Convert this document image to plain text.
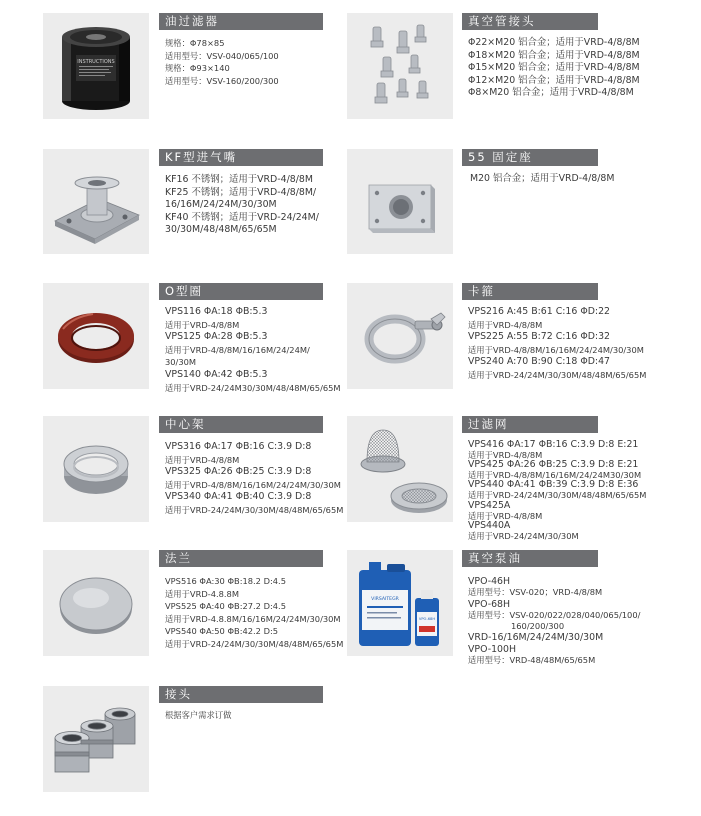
INSTRUCTIONS
油过滤器
规格：Φ78×85
适用型号：VSV-040/065/100
规格：Φ93×140
适用型号：VSV-160/200/300
真空管接头
Φ22×M20 铝合金；适用于VRD-4/8/8M
Φ18×M20 铝合金；适用于VRD-4/8/8M
Φ15×M20 铝合金；适用于VRD-4/8/8M
Φ12×M20 铝合金；适用于VRD-4/8/8M
Φ8×M20 铝合金；适用于VRD-4/8/8M
KF型进气嘴
KF16 不锈钢；适用于VRD-4/8/8M
KF25 不锈钢；适用于VRD-4/8/8M/
16/16M/24/24M/30/30M
KF40 不锈钢；适用于VRD-24/24M/
30/30M/48/48M/65/65M
55 固定座
M20 铝合金；适用于VRD-4/8/8M
O型圈
VPS116 ΦA:18 ΦB:5.3
适用于VRD-4/8/8M
VPS125 ΦA:28 ΦB:5.3
适用于VRD-4/8/8M/16/16M/24/24M/
30/30M
VPS140 ΦA:42 ΦB:5.3
适用于VRD-24/24M30/30M/48/48M/65/65M
卡箍
VPS216 A:45 B:61 C:16 ΦD:22
适用于VRD-4/8/8M
VPS225 A:55 B:72 C:16 ΦD:32
适用于VRD-4/8/8M/16/16M/24/24M/30/30M
VPS240 A:70 B:90 C:18 ΦD:47
适用于VRD-24/24M/30/30M/48/48M/65/65M
中心架
VPS316 ΦA:17 ΦB:16 C:3.9 D:8
适用于VRD-4/8/8M
VPS325 ΦA:26 ΦB:25 C:3.9 D:8
适用于VRD-4/8/8M/16/16M/24/24M/30/30M
VPS340 ΦA:41 ΦB:40 C:3.9 D:8
适用于VRD-24/24M/30/30M/48/48M/65/65M
过滤网
VPS416 ΦA:17 ΦB:16 C:3.9 D:8 E:21
适用于VRD-4/8/8M
VPS425 ΦA:26 ΦB:25 C:3.9 D:8 E:21
适用于VRD-4/8/8M/16/16M/24/24M30/30M
VPS440 ΦA:41 ΦB:39 C:3.9 D:8 E:36
适用于VRD-24/24M/30/30M/48/48M/65/65M
VPS425A
适用于VRD-4/8/8M
VPS440A
适用于VRD-24/24M/30/30M
法兰
VPS516 ΦA:30 ΦB:18.2 D:4.5
适用于VRD-4.8.8M
VPS525 ΦA:40 ΦB:27.2 D:4.5
适用于VRD-4.8.8M/16/16M/24/24M/30/30M
VPS540 ΦA:50 ΦB:42.2 D:5
适用于VRD-24/24M/30/30M/48/48M/65/65M
VIRSAITEGR
VPO-68H
真空泵油
VPO-46H
适用型号：VSV-020；VRD-4/8/8M
VPO-68H
适用型号：VSV-020/022/028/040/065/100/
160/200/300
VRD-16/16M/24/24M/30/30M
VPO-100H
适用型号：VRD-48/48M/65/65M
接头
根据客户需求订做
